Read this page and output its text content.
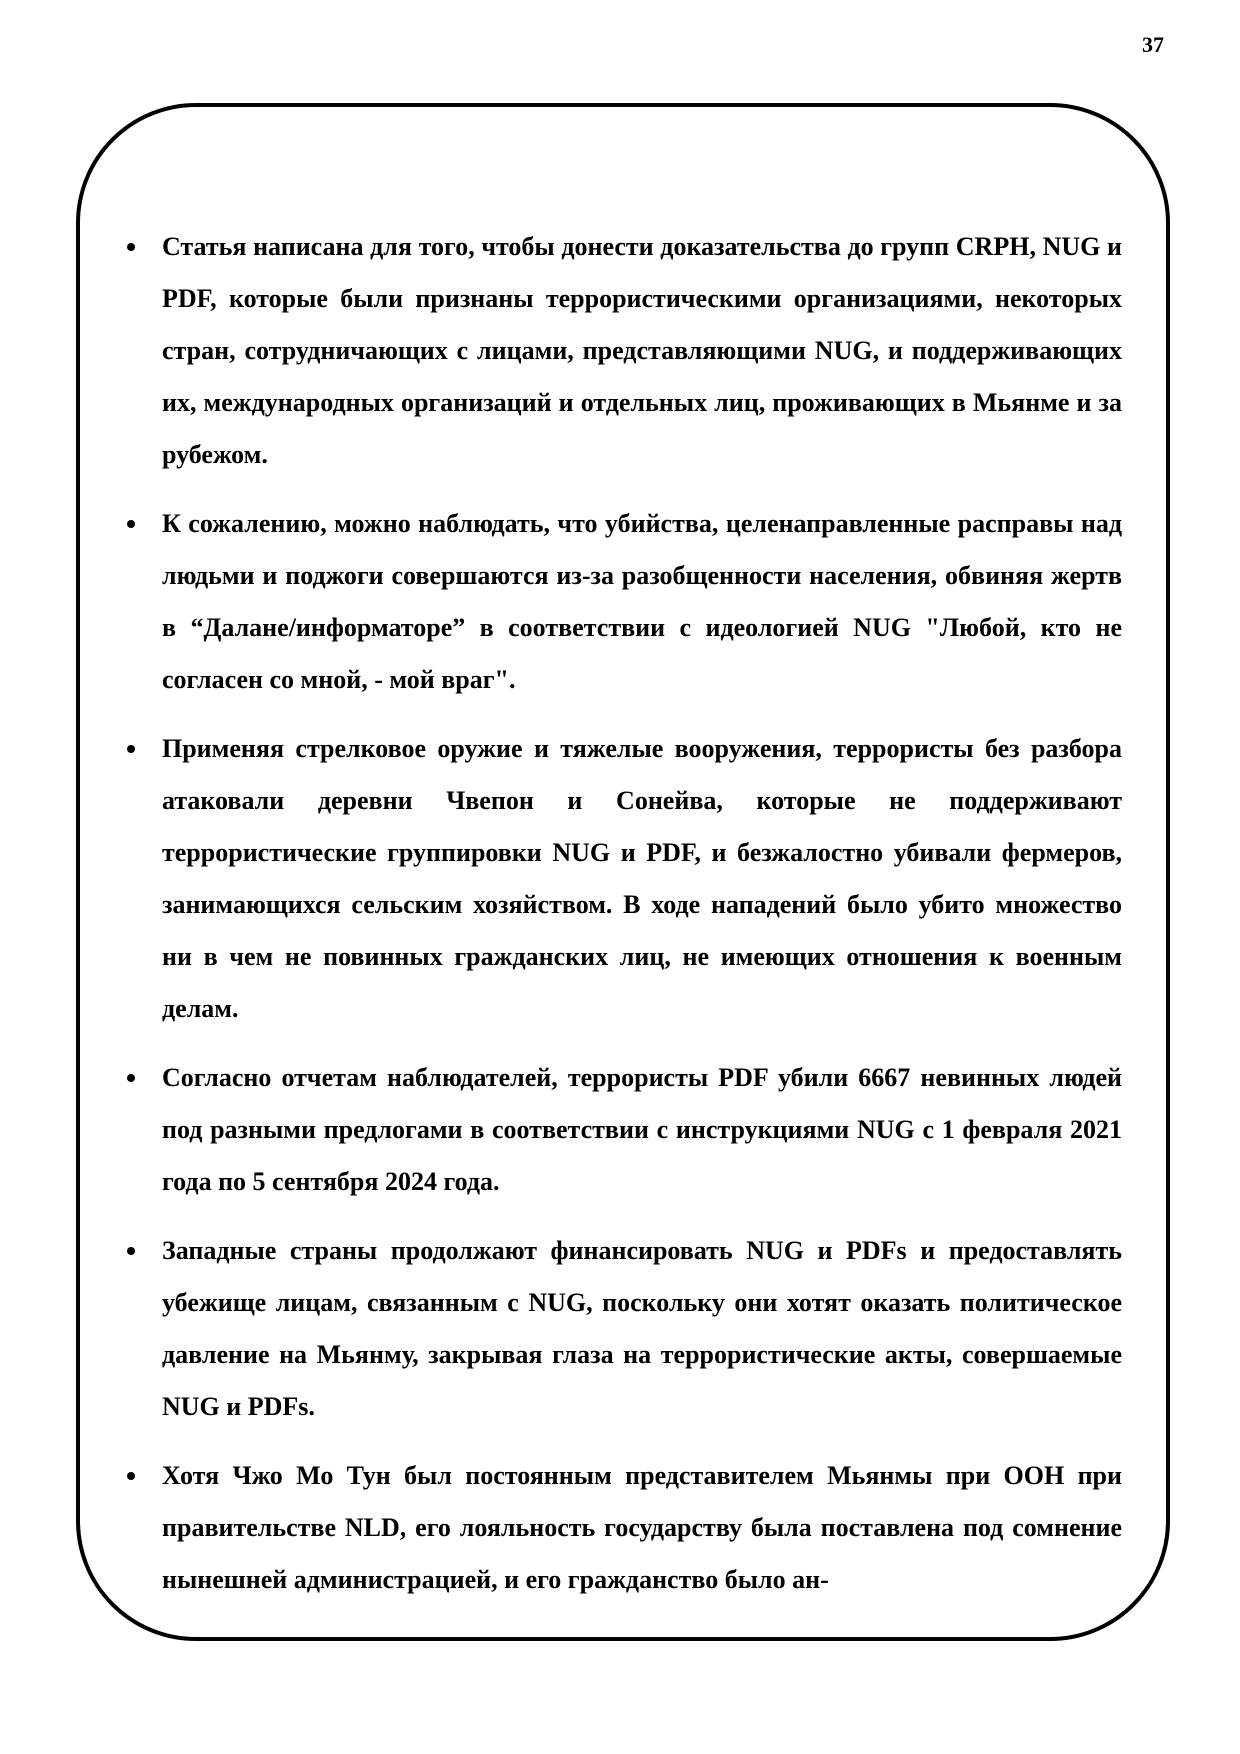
37
Статья написана для того, чтобы донести доказательства до групп CRPH, NUG и PDF, которые были признаны террористическими организациями, некоторых стран, сотрудничающих с лицами, представляющими NUG, и поддерживающих их, международных организаций и отдельных лиц, проживающих в Мьянме и за рубежом.
К сожалению, можно наблюдать, что убийства, целенаправленные расправы над людьми и поджоги совершаются из-за разобщенности населения, обвиняя жертв в “Далане/информаторе” в соответствии с идеологией NUG "Любой, кто не согласен со мной, - мой враг".
Применяя стрелковое оружие и тяжелые вооружения, террористы без разбора атаковали деревни Чвепон и Сонейва, которые не поддерживают террористические группировки NUG и PDF, и безжалостно убивали фермеров, занимающихся сельским хозяйством. В ходе нападений было убито множество ни в чем не повинных гражданских лиц, не имеющих отношения к военным делам.
Согласно отчетам наблюдателей, террористы PDF убили 6667 невинных людей под разными предлогами в соответствии с инструкциями NUG с 1 февраля 2021 года по 5 сентября 2024 года.
Западные страны продолжают финансировать NUG и PDFs и предоставлять убежище лицам, связанным с NUG, поскольку они хотят оказать политическое давление на Мьянму, закрывая глаза на террористические акты, совершаемые NUG и PDFs.
Хотя Чжо Мо Тун был постоянным представителем Мьянмы при ООН при правительстве NLD, его лояльность государству была поставлена под сомнение нынешней администрацией, и его гражданство было ан-
